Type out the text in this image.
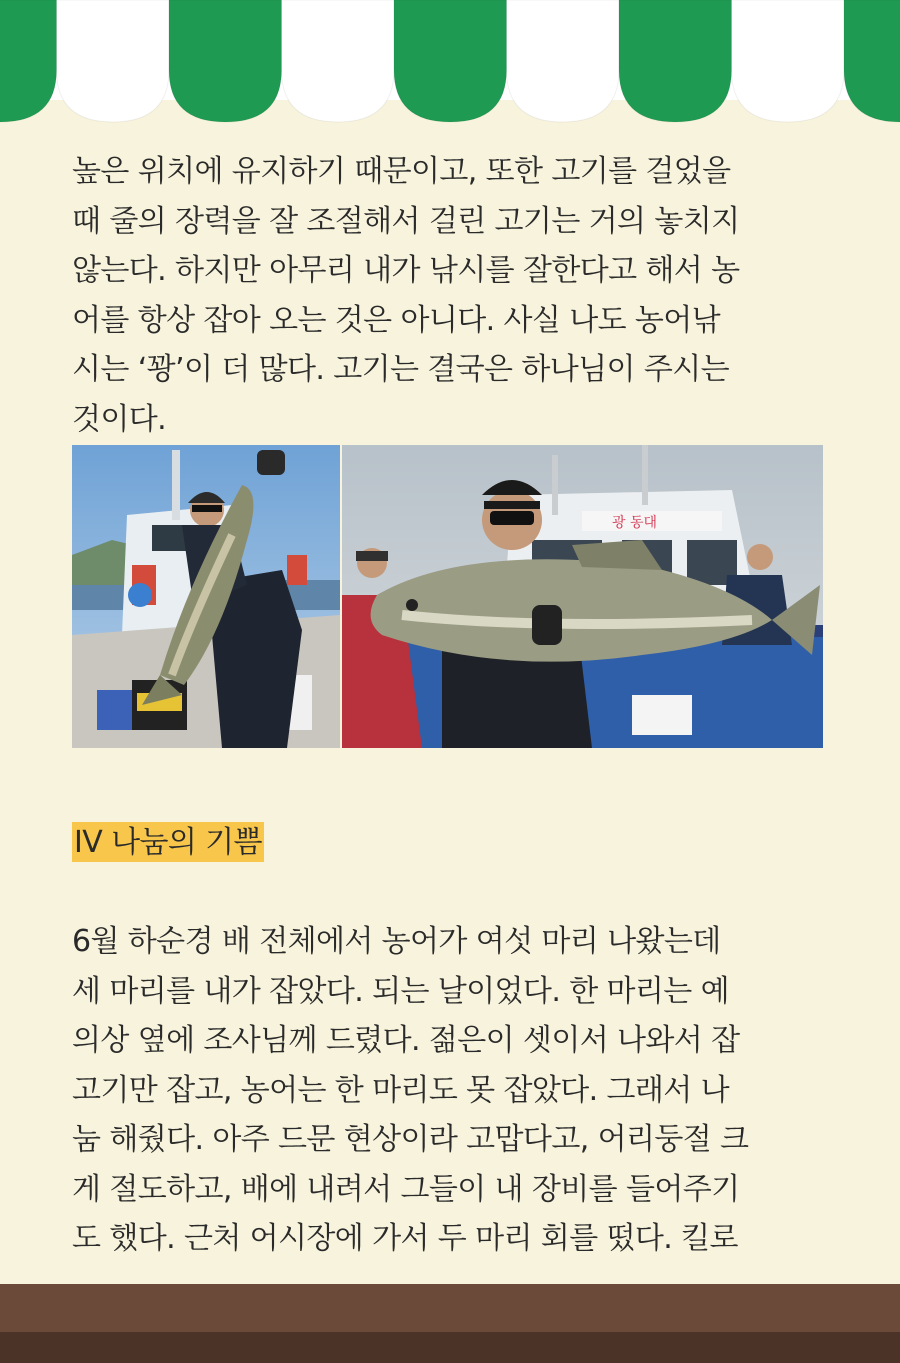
높은 위치에 유지하기 때문이고, 또한 고기를 걸었을
때 줄의 장력을 잘 조절해서 걸린 고기는 거의 놓치지
않는다. 하지만 아무리 내가 낚시를 잘한다고 해서 농
어를 항상 잡아 오는 것은 아니다. 사실 나도 농어낚
시는 ‘꽝’이 더 많다. 고기는 결국은 하나님이 주시는
것이다.
광 동대
IV 나눔의 기쁨
6월 하순경 배 전체에서 농어가 여섯 마리 나왔는데
세 마리를 내가 잡았다. 되는 날이었다. 한 마리는 예
의상 옆에 조사님께 드렸다. 젊은이 셋이서 나와서 잡
고기만 잡고, 농어는 한 마리도 못 잡았다. 그래서 나
눔 해줬다. 아주 드문 현상이라 고맙다고, 어리둥절 크
게 절도하고, 배에 내려서 그들이 내 장비를 들어주기
도 했다. 근처 어시장에 가서 두 마리 회를 떴다. 킬로
